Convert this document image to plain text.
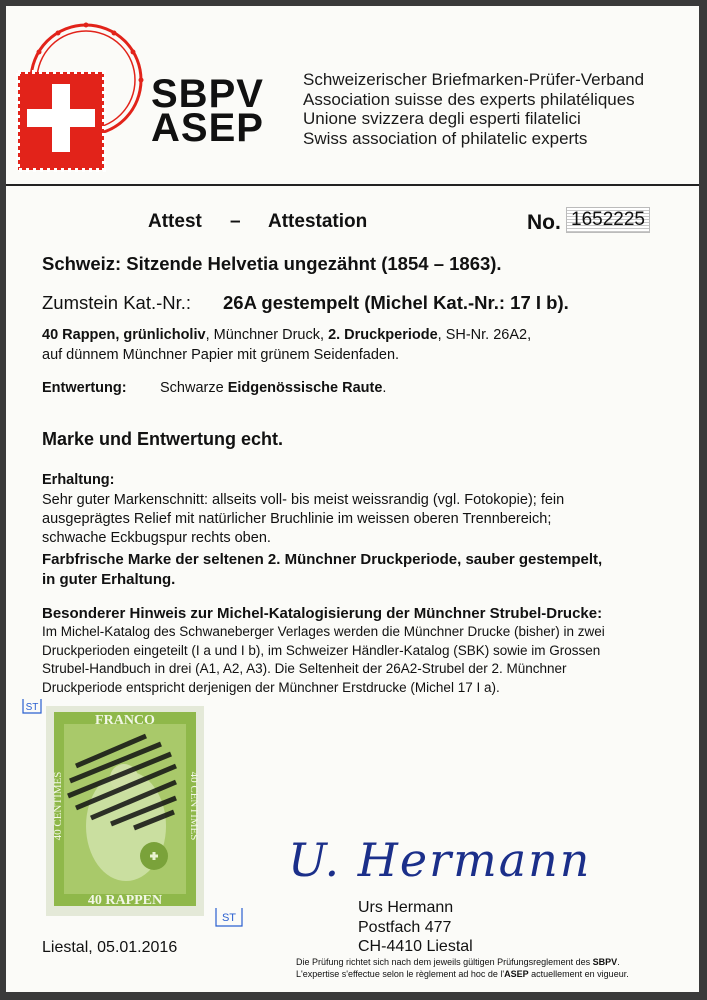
SBPV
ASEP
Schweizerischer Briefmarken-Prüfer-Verband
Association suisse des experts philatéliques
Unione svizzera degli esperti filatelici
Swiss association of philatelic experts
Attest – Attestation	No. 1652225
Schweiz: Sitzende Helvetia ungezähnt (1854 – 1863).
Zumstein Kat.-Nr.: 26A gestempelt (Michel Kat.-Nr.: 17 I b).
40 Rappen, grünlicholiv, Münchner Druck, 2. Druckperiode, SH-Nr. 26A2,
auf dünnem Münchner Papier mit grünem Seidenfaden.
Entwertung: Schwarze Eidgenössische Raute.
Marke und Entwertung echt.
Erhaltung:
Sehr guter Markenschnitt: allseits voll- bis meist weissrandig (vgl. Fotokopie); fein
ausgeprägtes Relief mit natürlicher Bruchlinie im weissen oberen Trennbereich;
schwache Eckbugspur rechts oben.
Farbfrische Marke der seltenen 2. Münchner Druckperiode, sauber gestempelt,
in guter Erhaltung.
Besonderer Hinweis zur Michel-Katalogisierung der Münchner Strubel-Drucke:
Im Michel-Katalog des Schwaneberger Verlages werden die Münchner Drucke (bisher) in zwei
Druckperioden eingeteilt (I a und I b), im Schweizer Händler-Katalog (SBK) sowie im Grossen
Strubel-Handbuch in drei (A1, A2, A3). Die Seltenheit der 26A2-Strubel der 2. Münchner
Druckperiode entspricht derjenigen der Münchner Erstdrucke (Michel 17 I a).
ST
ST
FRANCO
40 RAPPEN
40 CENTIMES	40 CENTIMES
U. Hermann
Urs Hermann
Postfach 477
CH-4410 Liestal
Liestal, 05.01.2016
Die Prüfung richtet sich nach dem jeweils gültigen Prüfungsreglement des SBPV.
L'expertise s'effectue selon le règlement ad hoc de l'ASEP actuellement en vigueur.
